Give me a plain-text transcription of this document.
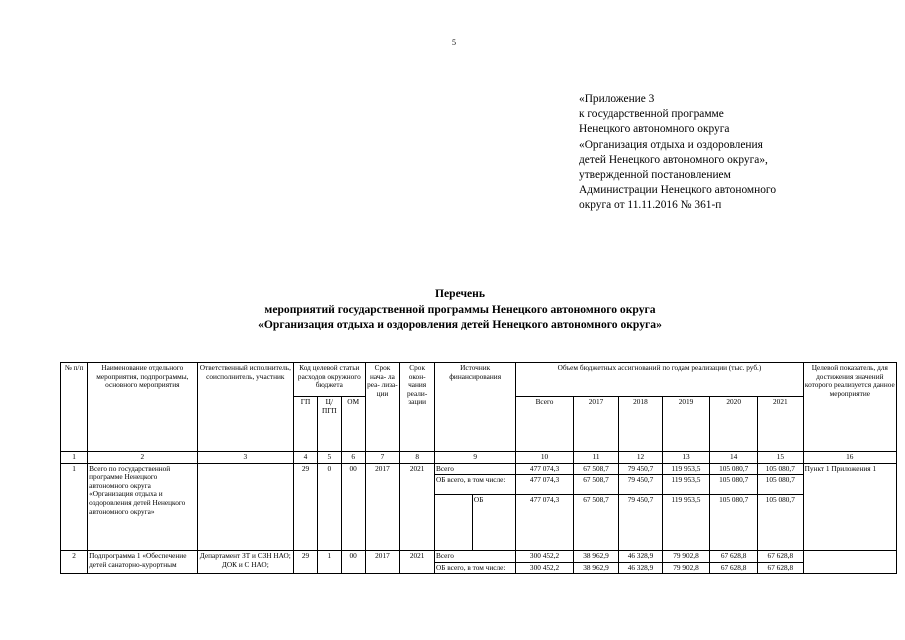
5
«Приложение 3
к государственной программе
Ненецкого автономного округа
«Организация отдыха и оздоровления
детей Ненецкого автономного округа»,
утвержденной постановлением
Администрации Ненецкого автономного
округа от 11.11.2016 № 361-п
Перечень
мероприятий государственной программы Ненецкого автономного округа
«Организация отдыха и оздоровления детей Ненецкого автономного округа»
№ п/п	Наименование отдельного мероприятия, подпрограммы, основного мероприятия	Ответственный исполнитель, соисполнитель, участник	Код целевой статьи расходов окружного бюджета			Срок нача- ла реа- лиза- ции	Срок окон- чания реали- зации	Источник финансирования		Объем бюджетных ассигнований по годам реализации (тыс. руб.)						Целевой показатель, для достижения значений которого реализуется данное мероприятие
			ГП	Ц/ПГП	ОМ					Всего	2017	2018	2019	2020	2021	
1	2	3	4	5	6	7	8	9		10	11	12	13	14	15	16
1	Всего по государственной программе Ненецкого автономного округа «Организация отдыха и оздоровления детей Ненецкого автономного округа»		29	0	00	2017	2021	Всего		477 074,3	67 508,7	79 450,7	119 953,5	105 080,7	105 080,7	Пункт 1 Приложения 1
								ОБ всего, в том числе:		477 074,3	67 508,7	79 450,7	119 953,5	105 080,7	105 080,7	
									ОБ	477 074,3	67 508,7	79 450,7	119 953,5	105 080,7	105 080,7	
2	Подпрограмма 1 «Обеспечение детей санаторно-курортным	Департамент ЗТ и СЗН НАО; ДОК и С НАО;	29	1	00	2017	2021	Всего		300 452,2	38 962,9	46 328,9	79 902,8	67 628,8	67 628,8	
								ОБ всего, в том числе:		300 452,2	38 962,9	46 328,9	79 902,8	67 628,8	67 628,8	
